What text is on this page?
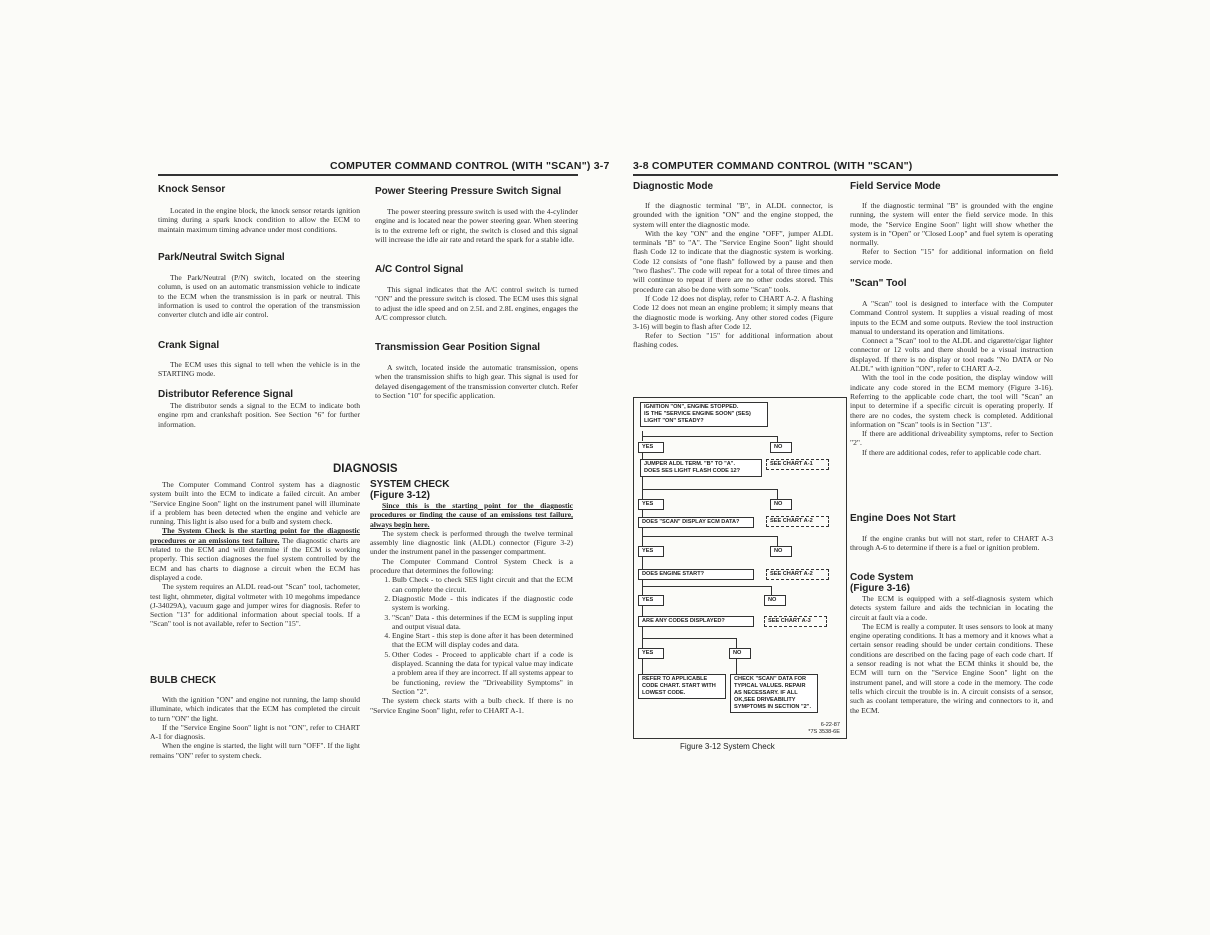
COMPUTER COMMAND CONTROL (WITH "SCAN") 3-7
Knock Sensor

Located in the engine block, the knock sensor retards ignition timing during a spark knock condition to allow the ECM to maintain maximum timing advance under most conditions.

Park/Neutral Switch Signal

The Park/Neutral (P/N) switch, located on the steering column, is used on an automatic transmission vehicle to indicate to the ECM when the transmission is in park or neutral. This information is used to control the operation of the transmission converter clutch and idle air control.

Crank Signal

The ECM uses this signal to tell when the vehicle is in the STARTING mode.

Distributor Reference Signal

The distributor sends a signal to the ECM to indicate both engine rpm and crankshaft position. See Section "6" for further information.

Power Steering Pressure Switch Signal

The power steering pressure switch is used with the 4-cylinder engine and is located near the power steering gear. When steering is to the extreme left or right, the switch is closed and this signal will increase the idle air rate and retard the spark for a stable idle.

A/C Control Signal

This signal indicates that the A/C control switch is turned "ON" and the pressure switch is closed. The ECM uses this signal to adjust the idle speed and on 2.5L and 2.8L engines, engages the A/C compressor clutch.

Transmission Gear Position Signal

A switch, located inside the automatic transmission, opens when the transmission shifts to high gear. This signal is used for delayed disengagement of the transmission converter clutch. Refer to Section "10" for specific application.

DIAGNOSIS

The Computer Command Control system has a diagnostic system built into the ECM to indicate a failed circuit. An amber "Service Engine Soon" light on the instrument panel will illuminate if a problem has been detected when the engine and vehicle are running. This light is also used for a bulb and system check.

The System Check is the starting point for the diagnostic procedures or an emissions test failure. The diagnostic charts are related to the ECM and will determine if the ECM is working properly. This section diagnoses the fuel system controlled by the ECM and has charts to diagnose a circuit when the ECM has displayed a code.

The system requires an ALDL read-out "Scan" tool, tachometer, test light, ohmmeter, digital voltmeter with 10 megohms impedance (J-34029A), vacuum gage and jumper wires for diagnosis. Refer to Section "13" for additional information about special tools. If a "Scan" tool is not available, refer to Section "15".

BULB CHECK

With the ignition "ON" and engine not running, the lamp should illuminate, which indicates that the ECM has completed the circuit to turn "ON" the light.

If the "Service Engine Soon" light is not "ON", refer to CHART A-1 for diagnosis.

When the engine is started, the light will turn "OFF". If the light remains "ON" refer to system check.

SYSTEM CHECK
(Figure 3-12)

Since this is the starting point for the diagnostic procedures or finding the cause of an emissions test failure, always begin here.

The system check is performed through the twelve terminal assembly line diagnostic link (ALDL) connector (Figure 3-2) under the instrument panel in the passenger compartment.

The Computer Command Control System Check is a procedure that determines the following:

1. Bulb Check - to check SES light circuit and that the ECM can complete the circuit.
2. Diagnostic Mode - this indicates if the diagnostic code system is working.
3. "Scan" Data - this determines if the ECM is suppling input and output visual data.
4. Engine Start - this step is done after it has been determined that the ECM will display codes and data.
5. Other Codes - Proceed to applicable chart if a code is displayed. Scanning the data for typical value may indicate a problem area if they are incorrect. If all systems appear to be functioning, review the "Driveability Symptoms" in Section "2".

The system check starts with a bulb check. If there is no "Service Engine Soon" light, refer to CHART A-1.

3-8 COMPUTER COMMAND CONTROL (WITH "SCAN")
Diagnostic Mode

If the diagnostic terminal "B", in ALDL connector, is grounded with the ignition "ON" and the engine stopped, the system will enter the diagnostic mode.

With the key "ON" and the engine "OFF", jumper ALDL terminals "B" to "A". The "Service Engine Soon" light should flash Code 12 to indicate that the diagnostic system is working. Code 12 consists of "one flash" followed by a pause and then "two flashes". The code will repeat for a total of three times and will continue to repeat if there are no other codes stored. This procedure can also be done with some "Scan" tools.

If Code 12 does not display, refer to CHART A-2. A flashing Code 12 does not mean an engine problem; it simply means that the diagnostic mode is working. Any other stored codes (Figure 3-16) will begin to flash after Code 12.

Refer to Section "15" for additional information about flashing codes.

IGNITION "ON", ENGINE STOPPED.
IS THE "SERVICE ENGINE SOON" (SES) LIGHT "ON" STEADY?
YES	NO
SEE CHART A-1
JUMPER ALDL TERM. "B" TO "A".
DOES SES LIGHT FLASH CODE 12?
YES	NO
SEE CHART A-2
DOES "SCAN" DISPLAY ECM DATA?
YES	NO
SEE CHART A-2
DOES ENGINE START?
YES	NO
SEE CHART A-3
ARE ANY CODES DISPLAYED?
YES	NO
REFER TO APPLICABLE CODE CHART. START WITH LOWEST CODE.
CHECK "SCAN" DATA FOR TYPICAL VALUES. REPAIR AS NECESSARY. IF ALL OK,SEE DRIVEABILITY SYMPTOMS IN SECTION "2".
6-22-87
*7S 3538-6E
Figure 3-12 System Check
Field Service Mode

If the diagnostic terminal "B" is grounded with the engine running, the system will enter the field service mode. In this mode, the "Service Engine Soon" light will show whether the system is in "Open" or "Closed Loop" and fuel sytem is operating normally.

Refer to Section "15" for additional information on field service mode.

"Scan" Tool

A "Scan" tool is designed to interface with the Computer Command Control system. It supplies a visual reading of most inputs to the ECM and some outputs. Review the tool instruction manual to understand its operation and limitations.

Connect a "Scan" tool to the ALDL and cigarette/cigar lighter connector or 12 volts and there should be a visual instruction displayed. If there is no display or tool reads "No DATA or No ALDL" with ignition "ON", refer to CHART A-2.

With the tool in the code position, the display window will indicate any code stored in the ECM memory (Figure 3-16). Referring to the applicable code chart, the tool will "Scan" an input to determine if a specific circuit is operating properly. If there are no codes, the system check is completed. Additional information on "Scan" tools is in Section "13".

If there are additional driveability symptoms, refer to Section "2".

If there are additional codes, refer to applicable code chart.

Engine Does Not Start

If the engine cranks but will not start, refer to CHART A-3 through A-6 to determine if there is a fuel or ignition problem.

Code System
(Figure 3-16)

The ECM is equipped with a self-diagnosis system which detects system failure and aids the technician in locating the circuit at fault via a code.

The ECM is really a computer. It uses sensors to look at many engine operating conditions. It has a memory and it knows what a certain sensor reading should be under certain conditions. These conditions are described on the facing page of each code chart. If a sensor reading is not what the ECM thinks it should be, the ECM will turn on the "Service Engine Soon" light on the instrument panel, and will store a code in the memory. The code tells which circuit the trouble is in. A circuit consists of a sensor, such as coolant temperature, the wiring and connectors to it, and the ECM.
